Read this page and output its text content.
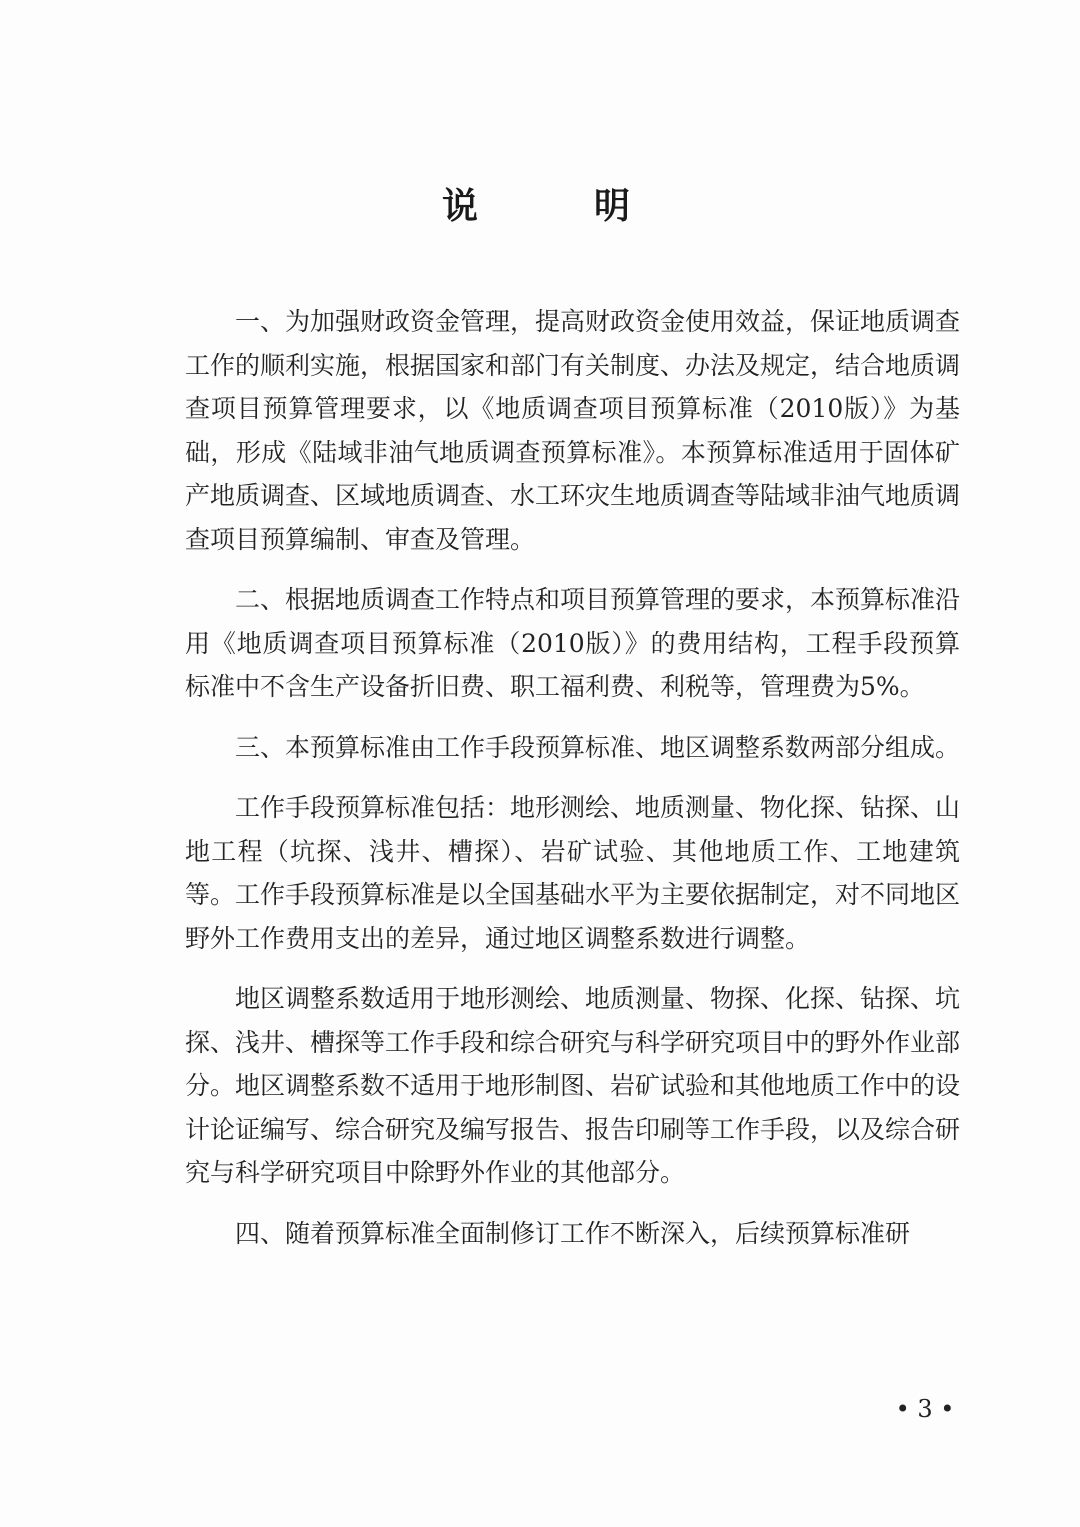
说　明

一、为加强财政资金管理，提高财政资金使用效益，保证地质调查工作的顺利实施，根据国家和部门有关制度、办法及规定，结合地质调查项目预算管理要求，以《地质调查项目预算标准（2010版）》为基础，形成《陆域非油气地质调查预算标准》。本预算标准适用于固体矿产地质调查、区域地质调查、水工环灾生地质调查等陆域非油气地质调查项目预算编制、审查及管理。

二、根据地质调查工作特点和项目预算管理的要求，本预算标准沿用《地质调查项目预算标准（2010版）》的费用结构，工程手段预算标准中不含生产设备折旧费、职工福利费、利税等，管理费为5%。

三、本预算标准由工作手段预算标准、地区调整系数两部分组成。

工作手段预算标准包括：地形测绘、地质测量、物化探、钻探、山地工程（坑探、浅井、槽探）、岩矿试验、其他地质工作、工地建筑等。工作手段预算标准是以全国基础水平为主要依据制定，对不同地区野外工作费用支出的差异，通过地区调整系数进行调整。

地区调整系数适用于地形测绘、地质测量、物探、化探、钻探、坑探、浅井、槽探等工作手段和综合研究与科学研究项目中的野外作业部分。地区调整系数不适用于地形制图、岩矿试验和其他地质工作中的设计论证编写、综合研究及编写报告、报告印刷等工作手段，以及综合研究与科学研究项目中除野外作业的其他部分。

四、随着预算标准全面制修订工作不断深入，后续预算标准研

• 3 •
